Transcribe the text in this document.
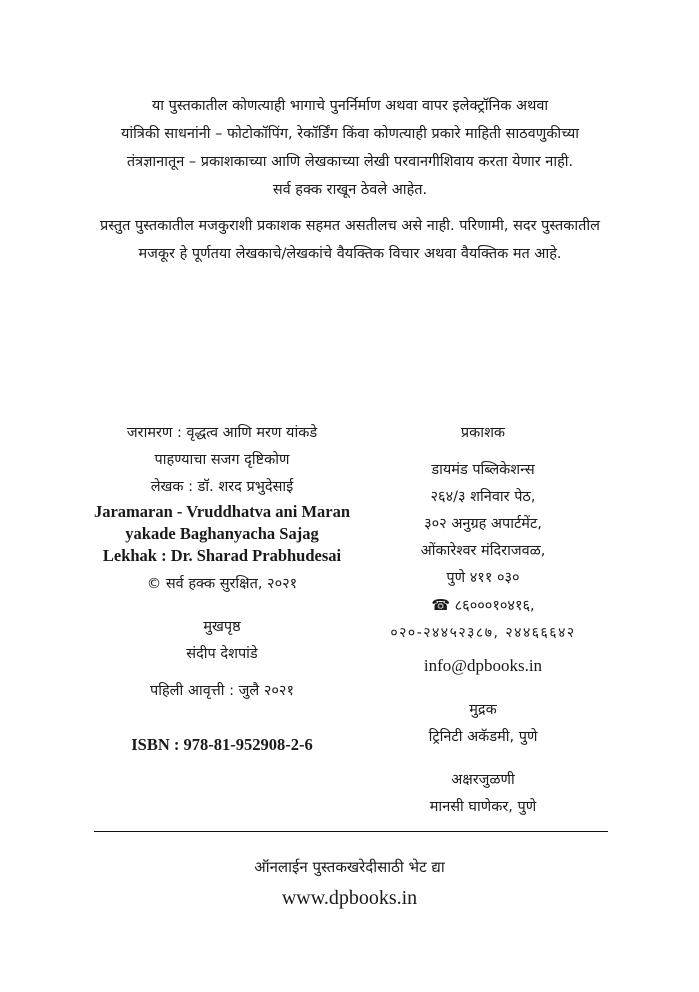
या पुस्तकातील कोणत्याही भागाचे पुनर्निर्माण अथवा वापर इलेक्ट्रॉनिक अथवा
यांत्रिकी साधनांनी – फोटोकॉपिंग, रेकॉर्डिंग किंवा कोणत्याही प्रकारे माहिती साठवणुकीच्या
तंत्रज्ञानातून – प्रकाशकाच्या आणि लेखकाच्या लेखी परवानगीशिवाय करता येणार नाही.
सर्व हक्क राखून ठेवले आहेत.
प्रस्तुत पुस्तकातील मजकुराशी प्रकाशक सहमत असतीलच असे नाही. परिणामी, सदर पुस्तकातील
मजकूर हे पूर्णतया लेखकाचे/लेखकांचे वैयक्तिक विचार अथवा वैयक्तिक मत आहे.
जरामरण : वृद्धत्व आणि मरण यांकडे
पाहण्याचा सजग दृष्टिकोण
लेखक : डॉ. शरद प्रभुदेसाई
Jaramaran - Vruddhatva ani Maran
yakade Baghanyacha Sajag
Lekhak : Dr. Sharad Prabhudesai
© सर्व हक्क सुरक्षित, २०२१
मुखपृष्ठ
संदीप देशपांडे
पहिली आवृत्ती : जुलै २०२१
ISBN : 978-81-952908-2-6
प्रकाशक
डायमंड पब्लिकेशन्स
२६४/३ शनिवार पेठ,
३०२ अनुग्रह अपार्टमेंट,
ओंकारेश्वर मंदिराजवळ,
पुणे ४११ ०३०
☎ ८६०००१०४१६,
०२०-२४४५२३८७, २४४६६६४२
info@dpbooks.in
मुद्रक
ट्रिनिटी अकॅडमी, पुणे
अक्षरजुळणी
मानसी घाणेकर, पुणे
ऑनलाईन पुस्तकखरेदीसाठी भेट द्या
www.dpbooks.in
